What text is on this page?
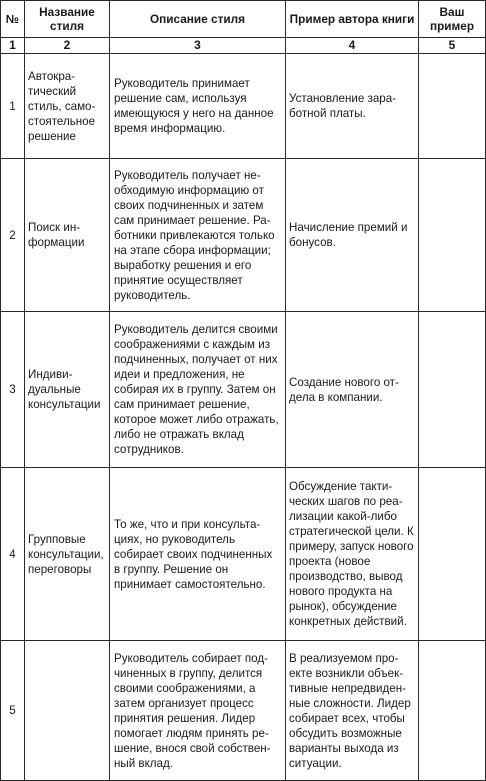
№	Название стиля	Описание стиля	Пример автора книги	Ваш пример
1	2	3	4	5
1	Автократический стиль, самостоятельное решение	Руководитель принимает решение сам, используя имеющуюся у него на данное время информацию.	Установление заработной платы.	
2	Поиск информации	Руководитель получает необходимую информацию от своих подчиненных и затем сам принимает решение. Работники привлекаются только на этапе сбора информации; выработку решения и его принятие осуществляет руководитель.	Начисление премий и бонусов.	
3	Индивидуальные консультации	Руководитель делится своими соображениями с каждым из подчиненных, получает от них идеи и предложения, не собирая их в группу. Затем он сам принимает решение, которое может либо отражать, либо не отражать вклад сотрудников.	Создание нового отдела в компании.	
4	Групповые консультации, переговоры	То же, что и при консультациях, но руководитель собирает своих подчиненных в группу. Решение он принимает самостоятельно.	Обсуждение тактических шагов по реализации какой-либо стратегической цели. К примеру, запуск нового проекта (новое производство, вывод нового продукта на рынок), обсуждение конкретных действий.	
5		Руководитель собирает подчиненных в группу, делится своими соображениями, а затем организует процесс принятия решения. Лидер помогает людям принять решение, внося свой собственный вклад.	В реализуемом проекте возникли объективные непредвиденные сложности. Лидер собирает всех, чтобы обсудить возможные варианты выхода из ситуации.	
